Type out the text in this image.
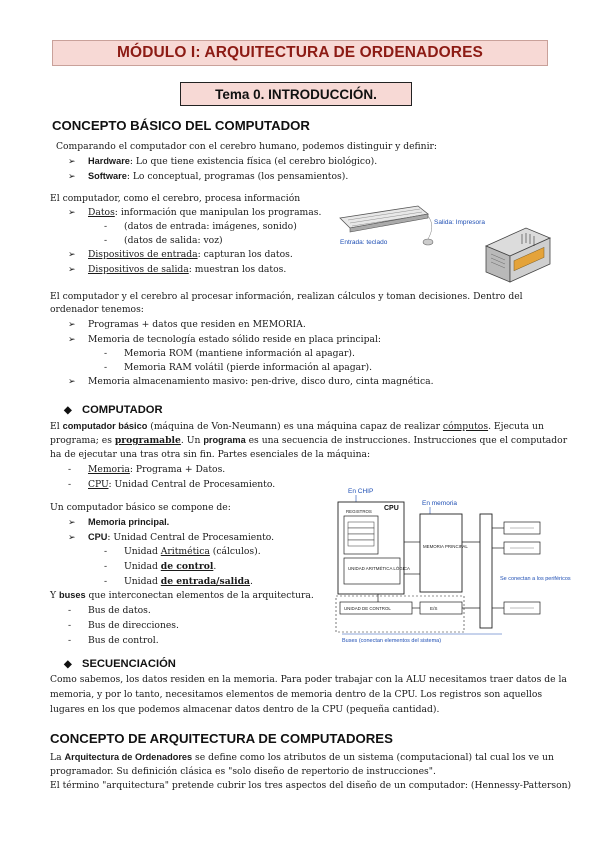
MÓDULO I: ARQUITECTURA DE ORDENADORES
Tema 0. INTRODUCCIÓN.
CONCEPTO BÁSICO DEL COMPUTADOR
Comparando el computador con el cerebro humano, podemos distinguir y definir:
➢ Hardware: Lo que tiene existencia física (el cerebro biológico).
➢ Software: Lo conceptual, programas (los pensamientos).
El computador, como el cerebro, procesa información
➢ Datos: información que manipulan los programas.
- (datos de entrada: imágenes, sonido)
- (datos de salida: voz)
➢ Dispositivos de entrada: capturan los datos.
➢ Dispositivos de salida: muestran los datos.
Entrada: teclado
Salida: Impresora
El computador y el cerebro al procesar información, realizan cálculos y toman decisiones. Dentro del
ordenador tenemos:
➢ Programas + datos que residen en MEMORIA.
➢ Memoria de tecnología estado sólido reside en placa principal:
- Memoria ROM (mantiene información al apagar).
- Memoria RAM volátil (pierde información al apagar).
➢ Memoria almacenamiento masivo: pen-drive, disco duro, cinta magnética.
◆ COMPUTADOR
El computador básico (máquina de Von-Neumann) es una máquina capaz de realizar cómputos. Ejecuta un
programa; es programable. Un programa es una secuencia de instrucciones. Instrucciones que el computador
ha de ejecutar una tras otra sin fin. Partes esenciales de la máquina:
- Memoria: Programa + Datos.
- CPU: Unidad Central de Procesamiento.
Un computador básico se compone de:
➢ Memoria principal.
➢ CPU: Unidad Central de Procesamiento.
- Unidad Aritmética (cálculos).
- Unidad de control.
- Unidad de entrada/salida.
Y buses que interconectan elementos de la arquitectura.
- Bus de datos.
- Bus de direcciones.
- Bus de control.
En CHIP
En memoria
CPU
REGISTROS
UNIDAD ARITMÉTICA LÓGICA
MEMORIA PRINCIPAL
UNIDAD DE CONTROL	E/S
Se conectan a los periféricos
Buses (conectan elementos del sistema)
◆ SECUENCIACIÓN
Como sabemos, los datos residen en la memoria. Para poder trabajar con la ALU necesitamos traer datos de la
memoria, y por lo tanto, necesitamos elementos de memoria dentro de la CPU. Los registros son aquellos
lugares en los que podemos almacenar datos dentro de la CPU (pequeña cantidad).
CONCEPTO DE ARQUITECTURA DE COMPUTADORES
La Arquitectura de Ordenadores se define como los atributos de un sistema (computacional) tal cual los ve un
programador. Su definición clásica es "solo diseño de repertorio de instrucciones".
El término "arquitectura" pretende cubrir los tres aspectos del diseño de un computador: (Hennessy-Patterson)
